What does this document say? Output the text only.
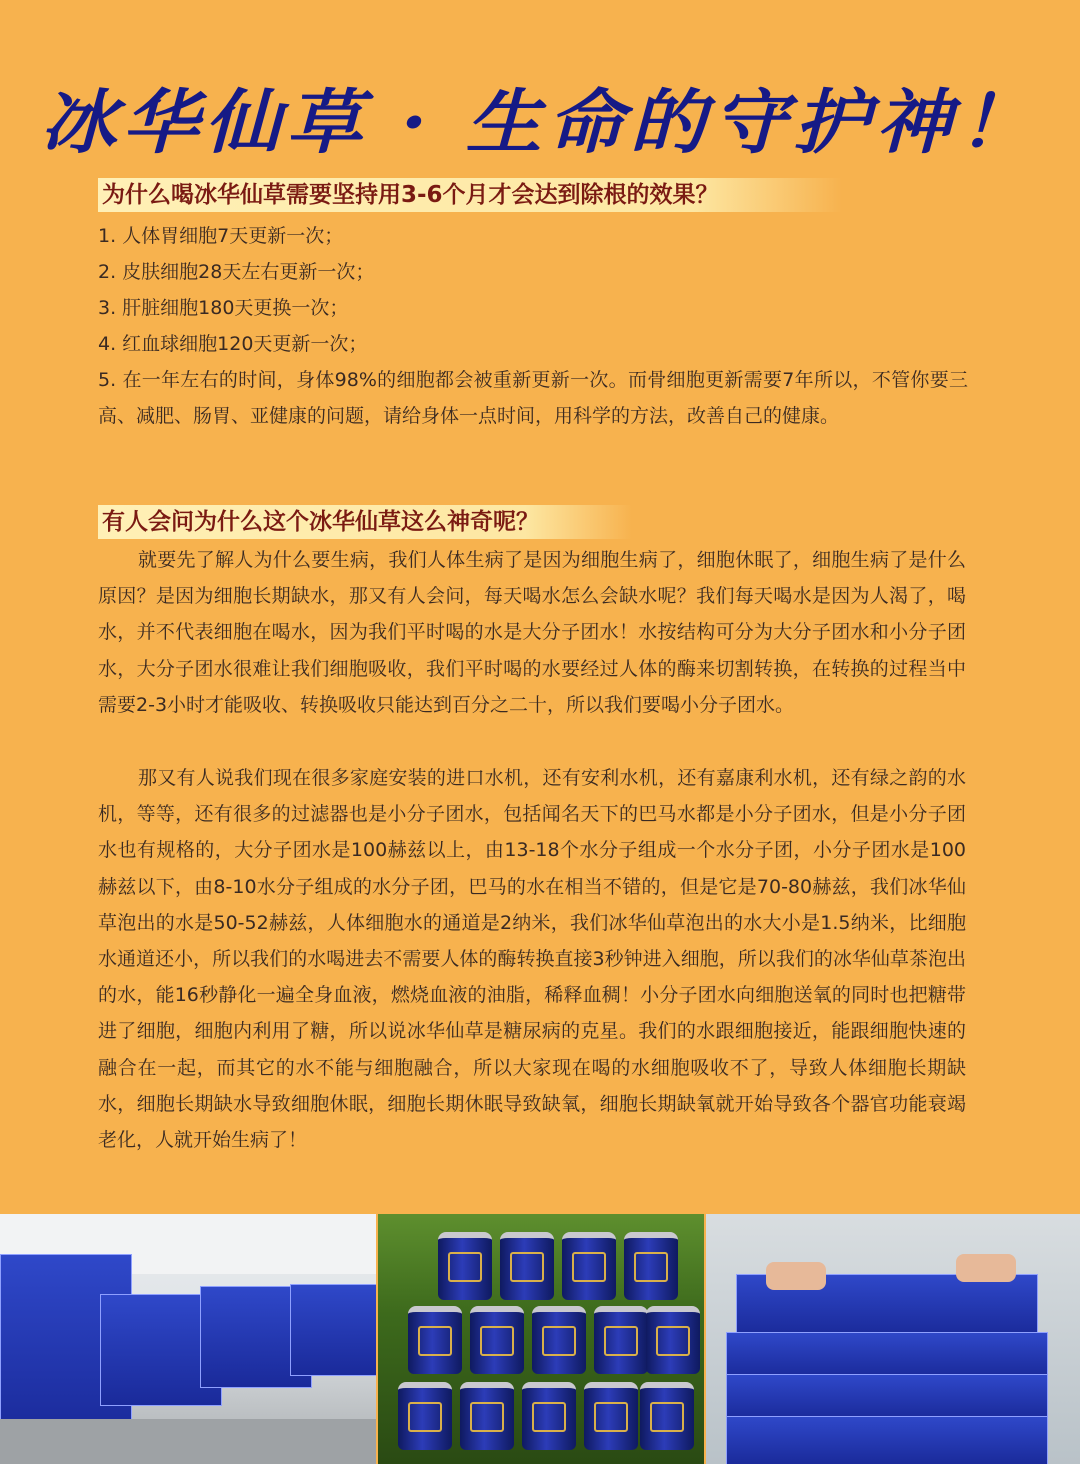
冰华仙草 · 生命的守护神！
为什么喝冰华仙草需要坚持用3-6个月才会达到除根的效果？
1. 人体胃细胞7天更新一次；
2. 皮肤细胞28天左右更新一次；
3. 肝脏细胞180天更换一次；
4. 红血球细胞120天更新一次；
5. 在一年左右的时间，身体98%的细胞都会被重新更新一次。而骨细胞更新需要7年所以，不管你要三高、减肥、肠胃、亚健康的问题，请给身体一点时间，用科学的方法，改善自己的健康。
有人会问为什么这个冰华仙草这么神奇呢？

就要先了解人为什么要生病，我们人体生病了是因为细胞生病了，细胞休眠了，细胞生病了是什么原因？是因为细胞长期缺水，那又有人会问，每天喝水怎么会缺水呢？我们每天喝水是因为人渴了，喝水，并不代表细胞在喝水，因为我们平时喝的水是大分子团水！水按结构可分为大分子团水和小分子团水，大分子团水很难让我们细胞吸收，我们平时喝的水要经过人体的酶来切割转换，在转换的过程当中需要2-3小时才能吸收、转换吸收只能达到百分之二十，所以我们要喝小分子团水。

那又有人说我们现在很多家庭安装的进口水机，还有安利水机，还有嘉康利水机，还有绿之韵的水机，等等，还有很多的过滤器也是小分子团水，包括闻名天下的巴马水都是小分子团水，但是小分子团水也有规格的，大分子团水是100赫兹以上，由13-18个水分子组成一个水分子团，小分子团水是100赫兹以下，由8-10水分子组成的水分子团，巴马的水在相当不错的，但是它是70-80赫兹，我们冰华仙草泡出的水是50-52赫兹，人体细胞水的通道是2纳米，我们冰华仙草泡出的水大小是1.5纳米，比细胞水通道还小，所以我们的水喝进去不需要人体的酶转换直接3秒钟进入细胞，所以我们的冰华仙草茶泡出的水，能16秒静化一遍全身血液，燃烧血液的油脂，稀释血稠！小分子团水向细胞送氧的同时也把糖带进了细胞，细胞内利用了糖，所以说冰华仙草是糖尿病的克星。我们的水跟细胞接近，能跟细胞快速的融合在一起，而其它的水不能与细胞融合，所以大家现在喝的水细胞吸收不了，导致人体细胞长期缺水，细胞长期缺水导致细胞休眠，细胞长期休眠导致缺氧，细胞长期缺氧就开始导致各个器官功能衰竭老化，人就开始生病了！
